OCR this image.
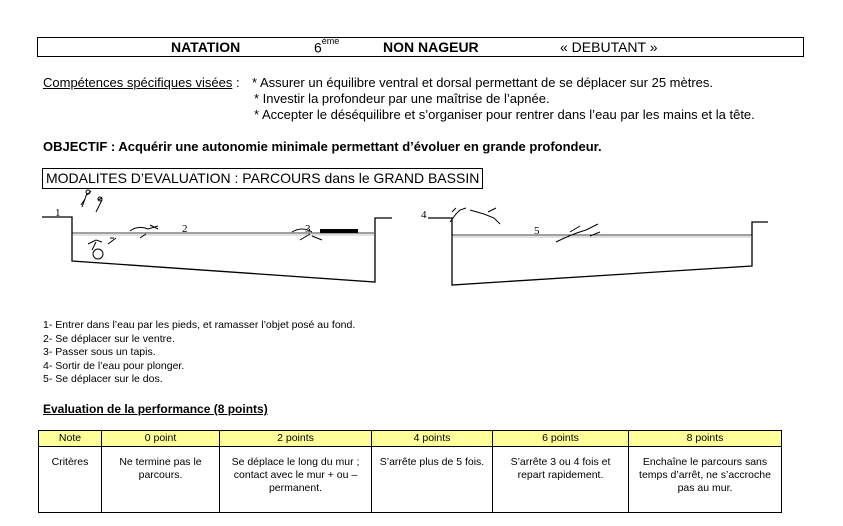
NATATION	6ème	NON NAGEUR	« DEBUTANT »
Compétences spécifiques visées : * Assurer un équilibre ventral et dorsal permettant de se déplacer sur 25 mètres.
* Investir la profondeur par une maîtrise de l’apnée.
* Accepter le déséquilibre et s’organiser pour rentrer dans l’eau par les mains et la tête.
OBJECTIF : Acquérir une autonomie minimale permettant d’évoluer en grande profondeur.
MODALITES D’EVALUATION : PARCOURS dans le GRAND BASSIN
1
2	3
4
5
1- Entrer dans l’eau par les pieds, et ramasser l’objet posé au fond.
2- Se déplacer sur le ventre.
3- Passer sous un tapis.
4- Sortir de l’eau pour plonger.
5- Se déplacer sur le dos.
Evaluation de la performance (8 points)
Note	0 point	2 points	4 points	6 points	8 points
Critères	Ne termine pas le parcours.	Se déplace le long du mur ; contact avec le mur + ou – permanent.	S’arrête plus de 5 fois.	S’arrête 3 ou 4 fois et repart rapidement.	Enchaîne le parcours sans temps d’arrêt, ne s’accroche pas au mur.
